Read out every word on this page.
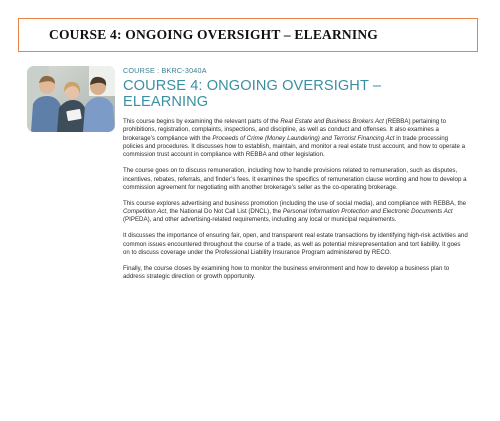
COURSE 4: ONGOING OVERSIGHT – ELEARNING
COURSE : BKRC-3040A
COURSE 4: ONGOING OVERSIGHT –
ELEARNING

This course begins by examining the relevant parts of the Real Estate and Business Brokers Act (REBBA) pertaining to prohibitions, registration, complaints, inspections, and discipline, as well as conduct and offenses. It also examines a brokerage’s compliance with the Proceeds of Crime (Money Laundering) and Terrorist Financing Act in trade processing policies and procedures. It discusses how to establish, maintain, and monitor a real estate trust account, and how to operate a commission trust account in compliance with REBBA and other legislation.

The course goes on to discuss remuneration, including how to handle provisions related to remuneration, such as disputes, incentives, rebates, referrals, and finder’s fees. It examines the specifics of remuneration clause wording and how to develop a commission agreement for negotiating with another brokerage’s seller as the co-operating brokerage.

This course explores advertising and business promotion (including the use of social media), and compliance with REBBA, the Competition Act, the National Do Not Call List (DNCL), the Personal Information Protection and Electronic Documents Act (PIPEDA), and other advertising-related requirements, including any local or municipal requirements.

It discusses the importance of ensuring fair, open, and transparent real estate transactions by identifying high-risk activities and common issues encountered throughout the course of a trade, as well as potential misrepresentation and tort liability. It goes on to discuss coverage under the Professional Liability Insurance Program administered by RECO.

Finally, the course closes by examining how to monitor the business environment and how to develop a business plan to address strategic direction or growth opportunity.
